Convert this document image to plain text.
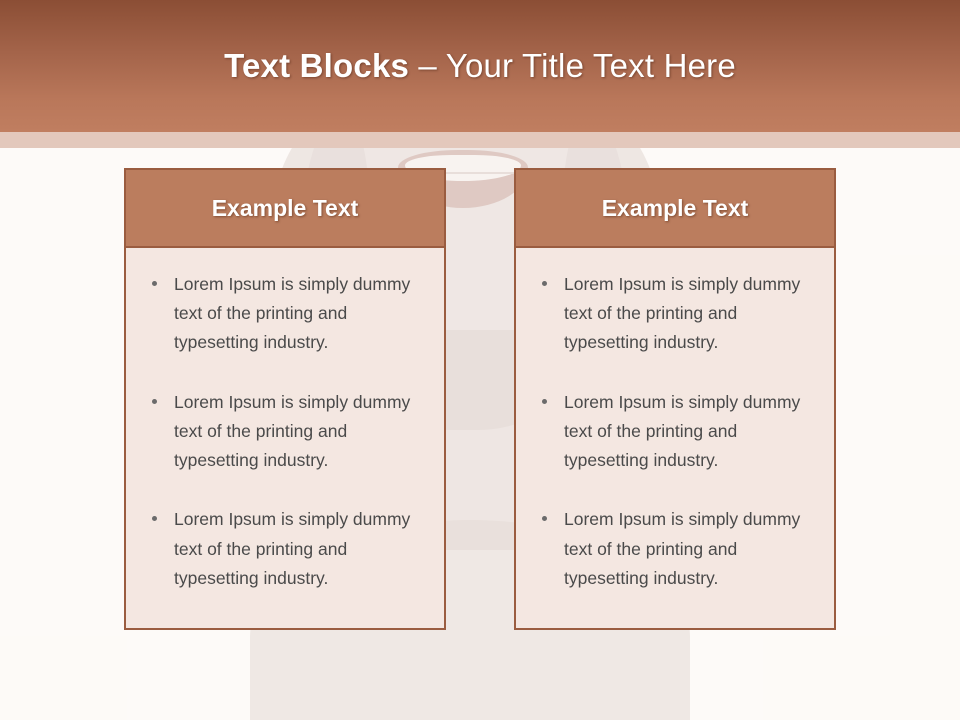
Text Blocks – Your Title Text Here
Example Text
Lorem Ipsum is simply dummy text of the printing and typesetting industry.
Lorem Ipsum is simply dummy text of the printing and typesetting industry.
Lorem Ipsum is simply dummy text of the printing and typesetting industry.
Example Text
Lorem Ipsum is simply dummy text of the printing and typesetting industry.
Lorem Ipsum is simply dummy text of the printing and typesetting industry.
Lorem Ipsum is simply dummy text of the printing and typesetting industry.
